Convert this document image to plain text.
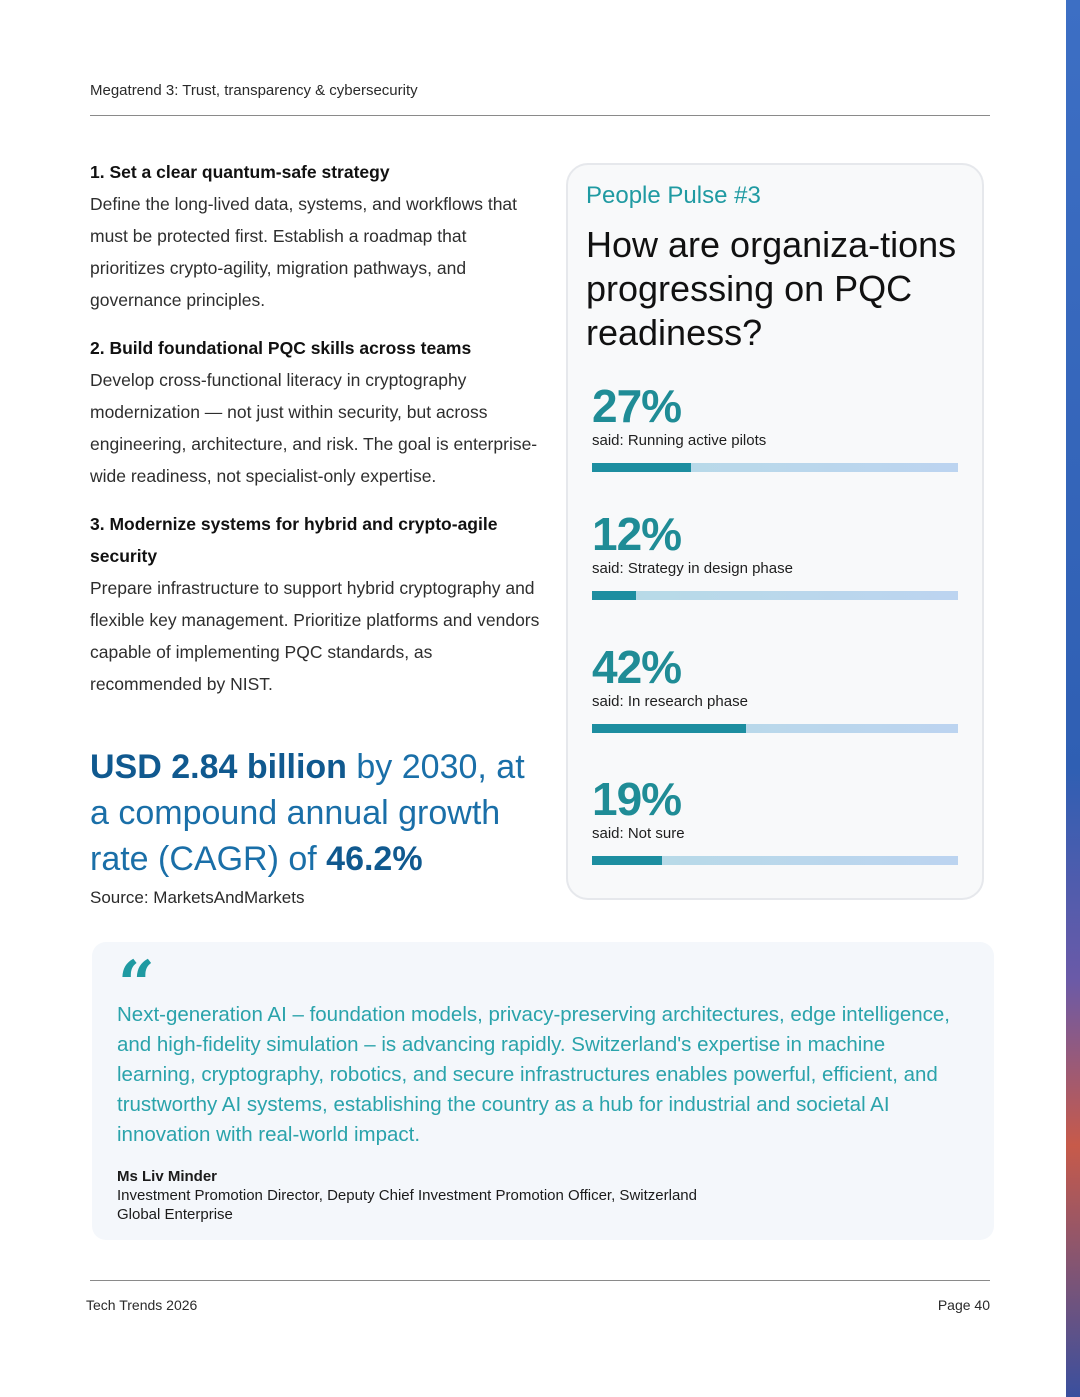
Megatrend 3: Trust, transparency & cybersecurity
1. Set a clear quantum-safe strategy
Define the long-lived data, systems, and workflows that must be protected first. Establish a roadmap that prioritizes crypto-agility, migration pathways, and governance principles.
2. Build foundational PQC skills across teams
Develop cross-functional literacy in cryptography modernization — not just within security, but across engineering, architecture, and risk. The goal is enterprise-wide readiness, not specialist-only expertise.
3. Modernize systems for hybrid and crypto-agile security
Prepare infrastructure to support hybrid cryptography and flexible key management. Prioritize platforms and vendors capable of implementing PQC standards, as recommended by NIST.
USD 2.84 billion by 2030, at a compound annual growth rate (CAGR) of 46.2%
Source: MarketsAndMarkets
People Pulse #3
How are organiza-tions progressing on PQC readiness?
27%
said: Running active pilots
12%
said: Strategy in design phase
42%
said: In research phase
19%
said: Not sure
“
Next-generation AI – foundation models, privacy-preserving architectures, edge intelligence, and high-fidelity simulation – is advancing rapidly. Switzerland's expertise in machine learning, cryptography, robotics, and secure infrastructures enables powerful, efficient, and trustworthy AI systems, establishing the country as a hub for industrial and societal AI innovation with real-world impact.
Ms Liv Minder
Investment Promotion Director, Deputy Chief Investment Promotion Officer, Switzerland
Global Enterprise
Tech Trends 2026	Page 40
